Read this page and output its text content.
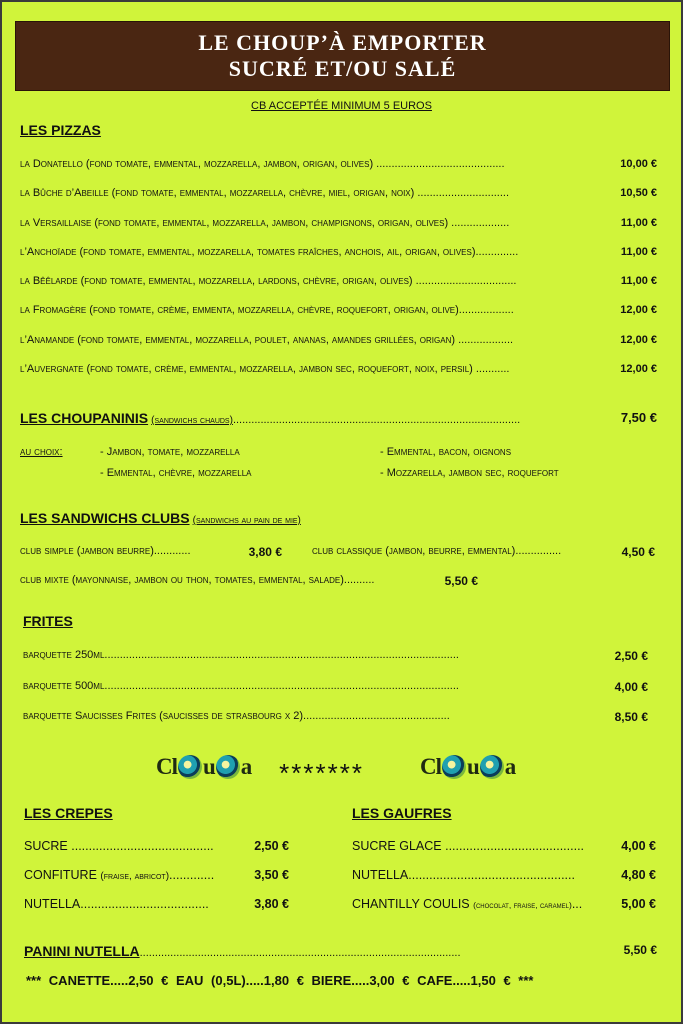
LE CHOUP’À EMPORTER
SUCRÉ ET/OU SALÉ
CB ACCEPTÉE MINIMUM 5 EUROS
LES PIZZAS
la Donatello (fond tomate, emmental, mozzarella, jambon, origan, olives) ..........................................	10,00 €
la Bûche d’Abeille (fond tomate, emmental, mozzarella, chèvre, miel, origan, noix) ..............................	10,50 €
la Versaillaise (fond tomate, emmental, mozzarella, jambon, champignons, origan, olives) ...................	11,00 €
l’Anchoïade (fond tomate, emmental, mozzarella, tomates fraîches, anchois, ail, origan, olives)..............	11,00 €
la Bêêlarde (fond tomate, emmental, mozzarella, lardons, chèvre, origan, olives) .................................	11,00 €
la Fromagère (fond tomate, crème, emmenta, mozzarella, chèvre, roquefort, origan, olive)..................	12,00 €
l’Anamande (fond tomate, emmental, mozzarella, poulet, ananas, amandes grillées, origan) ..................	12,00 €
l’Auvergnate (fond tomate, crème, emmental, mozzarella, jambon sec, roquefort, noix, persil) ...........	12,00 €
LES CHOUPANINIS (sandwichs chauds)..............................................................................................	7,50 €
au choix:	- Jambon, tomate, mozzarella	- Emmental, bacon, oignons
- Emmental, chèvre, mozzarella	- Mozzarella, jambon sec, roquefort
LES SANDWICHS CLUBS (sandwichs au pain de mie)
club simple (jambon beurre)............	3,80 €	club classique (jambon, beurre, emmental)...............	4,50 €
club mixte (mayonnaise, jambon ou thon, tomates, emmental, salade)..........	5,50 €
FRITES
barquette 250ml....................................................................................................................	2,50 €
barquette 500ml....................................................................................................................	4,00 €
barquette Saucisses Frites (saucisses de strasbourg x 2)................................................	8,50 €
Cl u a ******* Cl u a
LES CREPES
SUCRE .........................................	2,50 €
CONFITURE (fraise, abricot).............	3,50 €
NUTELLA.....................................	3,80 €
LES GAUFRES
SUCRE GLACE ........................................	4,00 €
NUTELLA................................................	4,80 €
CHANTILLY COULIS (chocolat, fraise, caramel)...	5,00 €
PANINI NUTELLA.........................................................................................................	5,50 €
*** CANETTE.....2,50 € EAU (0,5L).....1,80 € BIERE.....3,00 € CAFE.....1,50 € ***
